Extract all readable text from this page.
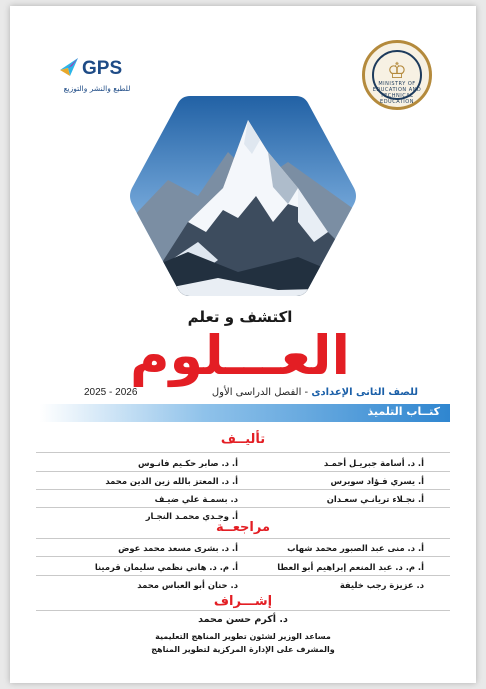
♔
MINISTRY OF EDUCATION AND TECHNICAL EDUCATION
GPS
للطبع والنشر والتوزيع
اكتشف و تعلم
العـــلوم
للصف الثانى الإعدادى - الفصل الدراسى الأول
2025 - 2026
كتــاب التلميذ
تأليــف
أ. د. أسامة جبريـل أحمـد
أ. د. صابر حكـيم فانـوس
أ. يسري فـؤاد سويرس
أ. د. المعتز بالله زين الدين محمد
أ. نجـلاء تريانـي سعـدان
د. بسمـة علي ضيـف
أ. وجـدي محمـد النجـار
مراجعــة
أ. د. منى عبد الصبور محمد شهاب
أ. د. بشرى مسعد محمد عوض
أ. م. د. عبد المنعم إبراهيم أبو العطا
أ. م. د. هاني نظمي سليمان قرمينا
د. عزيزة رجب خليفة
د. حنان أبو العباس محمد
إشـــراف
د. أكرم حسن محمد
مساعد الوزير لشئون تطوير المناهج التعليمية
والمشرف على الإدارة المركزية لتطوير المناهج
